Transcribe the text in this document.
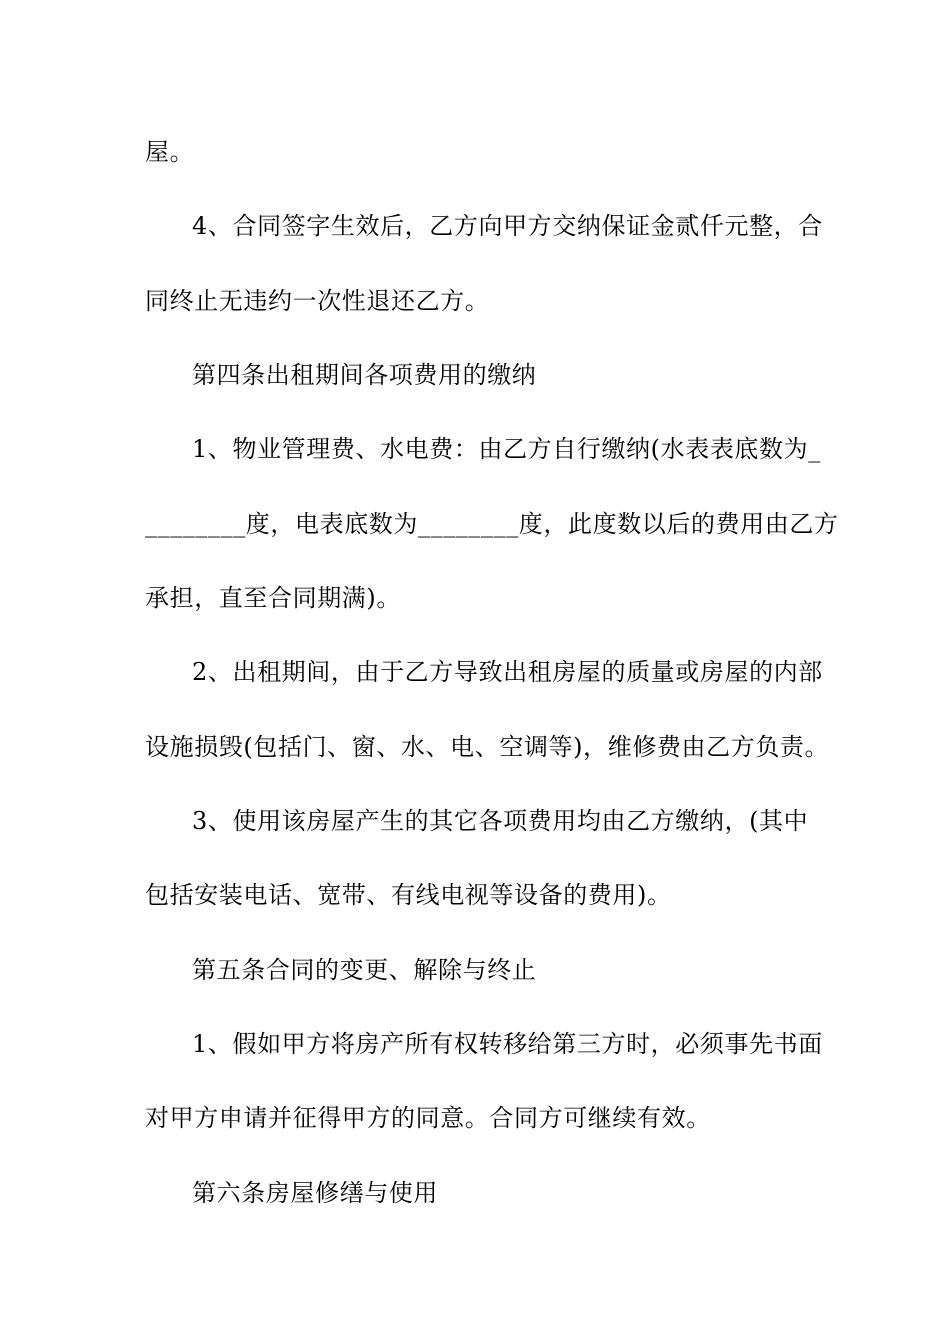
屋。
4、合同签字生效后，乙方向甲方交纳保证金贰仟元整，合
同终止无违约一次性退还乙方。
第四条出租期间各项费用的缴纳
1、物业管理费、水电费：由乙方自行缴纳(水表表底数为_
________度，电表底数为________度，此度数以后的费用由乙方
承担，直至合同期满)。
2、出租期间，由于乙方导致出租房屋的质量或房屋的内部
设施损毁(包括门、窗、水、电、空调等)，维修费由乙方负责。
3、使用该房屋产生的其它各项费用均由乙方缴纳，(其中
包括安装电话、宽带、有线电视等设备的费用)。
第五条合同的变更、解除与终止
1、假如甲方将房产所有权转移给第三方时，必须事先书面
对甲方申请并征得甲方的同意。合同方可继续有效。
第六条房屋修缮与使用
